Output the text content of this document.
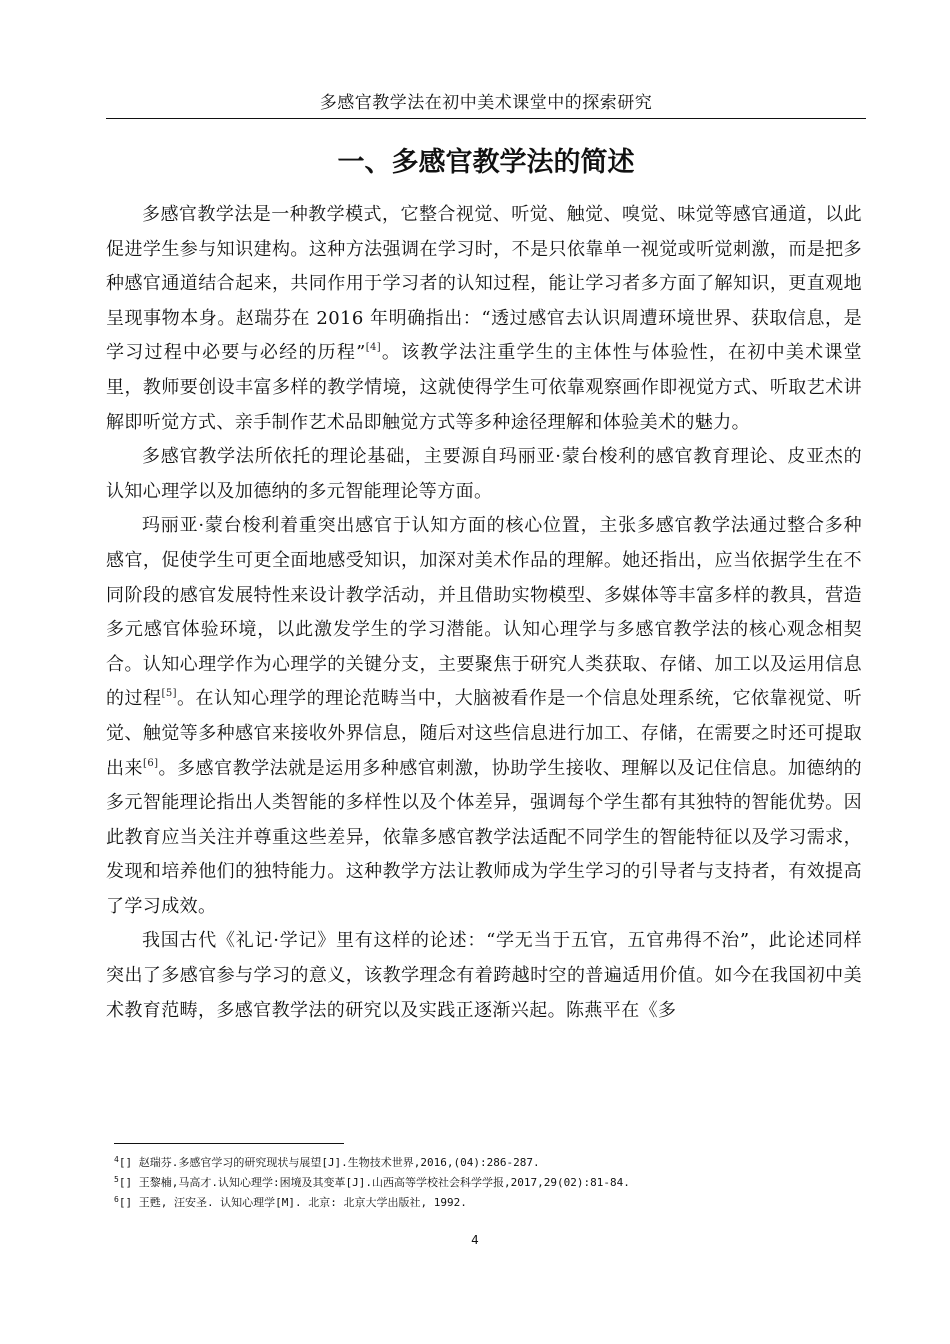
多感官教学法在初中美术课堂中的探索研究
一、多感官教学法的简述

多感官教学法是一种教学模式，它整合视觉、听觉、触觉、嗅觉、味觉等感官通道，以此促进学生参与知识建构。这种方法强调在学习时，不是只依靠单一视觉或听觉刺激，而是把多种感官通道结合起来，共同作用于学习者的认知过程，能让学习者多方面了解知识，更直观地呈现事物本身。赵瑞芬在 2016 年明确指出：“透过感官去认识周遭环境世界、获取信息，是学习过程中必要与必经的历程”[4]。该教学法注重学生的主体性与体验性，在初中美术课堂里，教师要创设丰富多样的教学情境，这就使得学生可依靠观察画作即视觉方式、听取艺术讲解即听觉方式、亲手制作艺术品即触觉方式等多种途径理解和体验美术的魅力。

多感官教学法所依托的理论基础，主要源自玛丽亚·蒙台梭利的感官教育理论、皮亚杰的认知心理学以及加德纳的多元智能理论等方面。

玛丽亚·蒙台梭利着重突出感官于认知方面的核心位置，主张多感官教学法通过整合多种感官，促使学生可更全面地感受知识，加深对美术作品的理解。她还指出，应当依据学生在不同阶段的感官发展特性来设计教学活动，并且借助实物模型、多媒体等丰富多样的教具，营造多元感官体验环境，以此激发学生的学习潜能。认知心理学与多感官教学法的核心观念相契合。认知心理学作为心理学的关键分支，主要聚焦于研究人类获取、存储、加工以及运用信息的过程[5]。在认知心理学的理论范畴当中，大脑被看作是一个信息处理系统，它依靠视觉、听觉、触觉等多种感官来接收外界信息，随后对这些信息进行加工、存储，在需要之时还可提取出来[6]。多感官教学法就是运用多种感官刺激，协助学生接收、理解以及记住信息。加德纳的多元智能理论指出人类智能的多样性以及个体差异，强调每个学生都有其独特的智能优势。因此教育应当关注并尊重这些差异，依靠多感官教学法适配不同学生的智能特征以及学习需求，发现和培养他们的独特能力。这种教学方法让教师成为学生学习的引导者与支持者，有效提高了学习成效。

我国古代《礼记·学记》里有这样的论述：“学无当于五官，五官弗得不治”，此论述同样突出了多感官参与学习的意义，该教学理念有着跨越时空的普遍适用价值。如今在我国初中美术教育范畴，多感官教学法的研究以及实践正逐渐兴起。陈燕平在《多

$^4$[] 赵瑞芬.多感官学习的研究现状与展望[J].生物技术世界,2016,(04):286-287.

$^5$[] 王黎楠,马高才.认知心理学:困境及其变革[J].山西高等学校社会科学学报,2017,29(02):81-84.

$^6$[] 王甦, 汪安圣. 认知心理学[M]. 北京: 北京大学出版社, 1992.

4
